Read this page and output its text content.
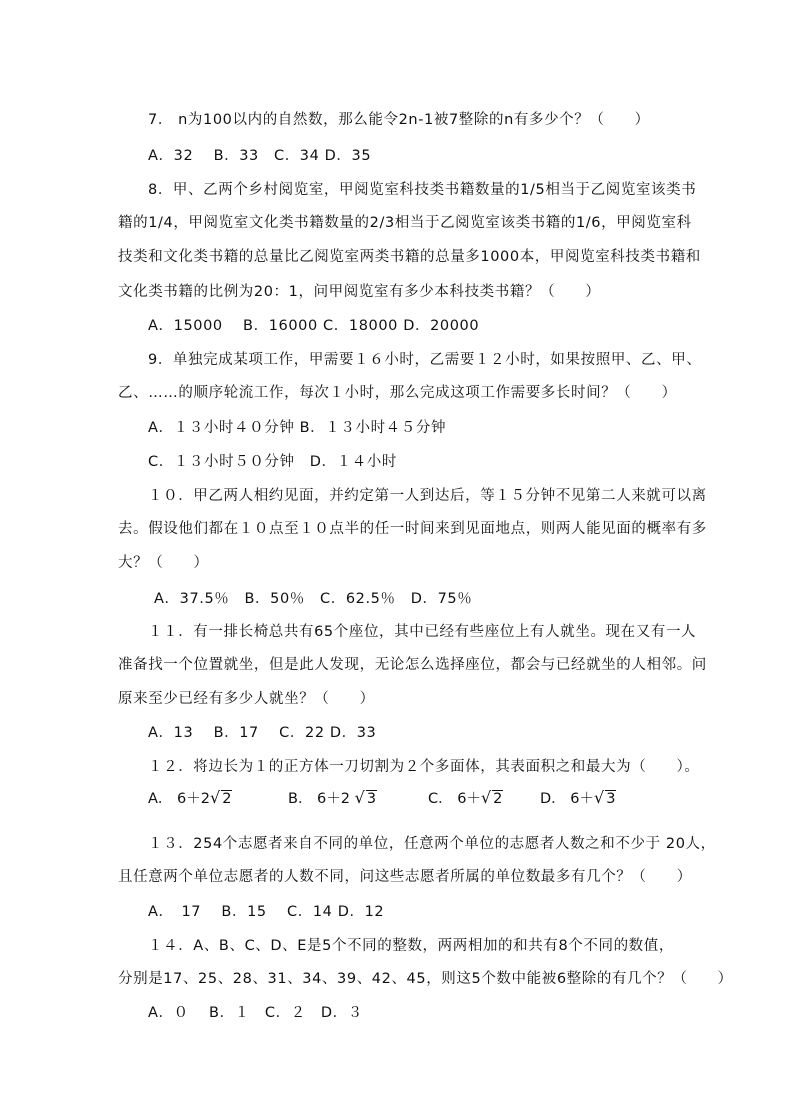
7． n为100以内的自然数，那么能令2n-1被7整除的n有多少个？（　　）
A．32　 B．33　C．34 D．35
8．甲、乙两个乡村阅览室，甲阅览室科技类书籍数量的1/5相当于乙阅览室该类书
籍的1/4，甲阅览室文化类书籍数量的2/3相当于乙阅览室该类书籍的1/6，甲阅览室科
技类和文化类书籍的总量比乙阅览室两类书籍的总量多1000本，甲阅览室科技类书籍和
文化类书籍的比例为20：1，问甲阅览室有多少本科技类书籍？（　　）
A．15000　 B．16000 C．18000 D．20000
9．单独完成某项工作，甲需要１６小时，乙需要１２小时，如果按照甲、乙、甲、
乙、……的顺序轮流工作，每次１小时，那么完成这项工作需要多长时间？（　　）
A．１３小时４０分钟 B．１３小时４５分钟
C．１３小时５０分钟　D．１４小时
１０．甲乙两人相约见面，并约定第一人到达后，等１５分钟不见第二人来就可以离
去。假设他们都在１０点至１０点半的任一时间来到见面地点，则两人能见面的概率有多
大？（　　）
A．37.5％　B．50％　C．62.5％　D．75％
１１．有一排长椅总共有65个座位，其中已经有些座位上有人就坐。现在又有一人
准备找一个位置就坐，但是此人发现，无论怎么选择座位，都会与已经就坐的人相邻。问
原来至少已经有多少人就坐？（　　）
A．13　 B．17　 C．22 D．33
１２．将边长为１的正方体一刀切割为２个多面体，其表面积之和最大为（　　）。
A． 6＋2√ 2	B． 6＋2 √ 3	C． 6＋√ 2	D． 6＋√ 3
１３．254个志愿者来自不同的单位，任意两个单位的志愿者人数之和不少于 20人，
且任意两个单位志愿者的人数不同，问这些志愿者所属的单位数最多有几个？（　　）
A．　17　 B．15　 C．14 D．12
１４．A、B、C、D、E是5个不同的整数，两两相加的和共有8个不同的数值，
分别是17、25、28、31、34、39、42、45，则这5个数中能被6整除的有几个？（　　）
A．０　 B．１　C．２　D．３
